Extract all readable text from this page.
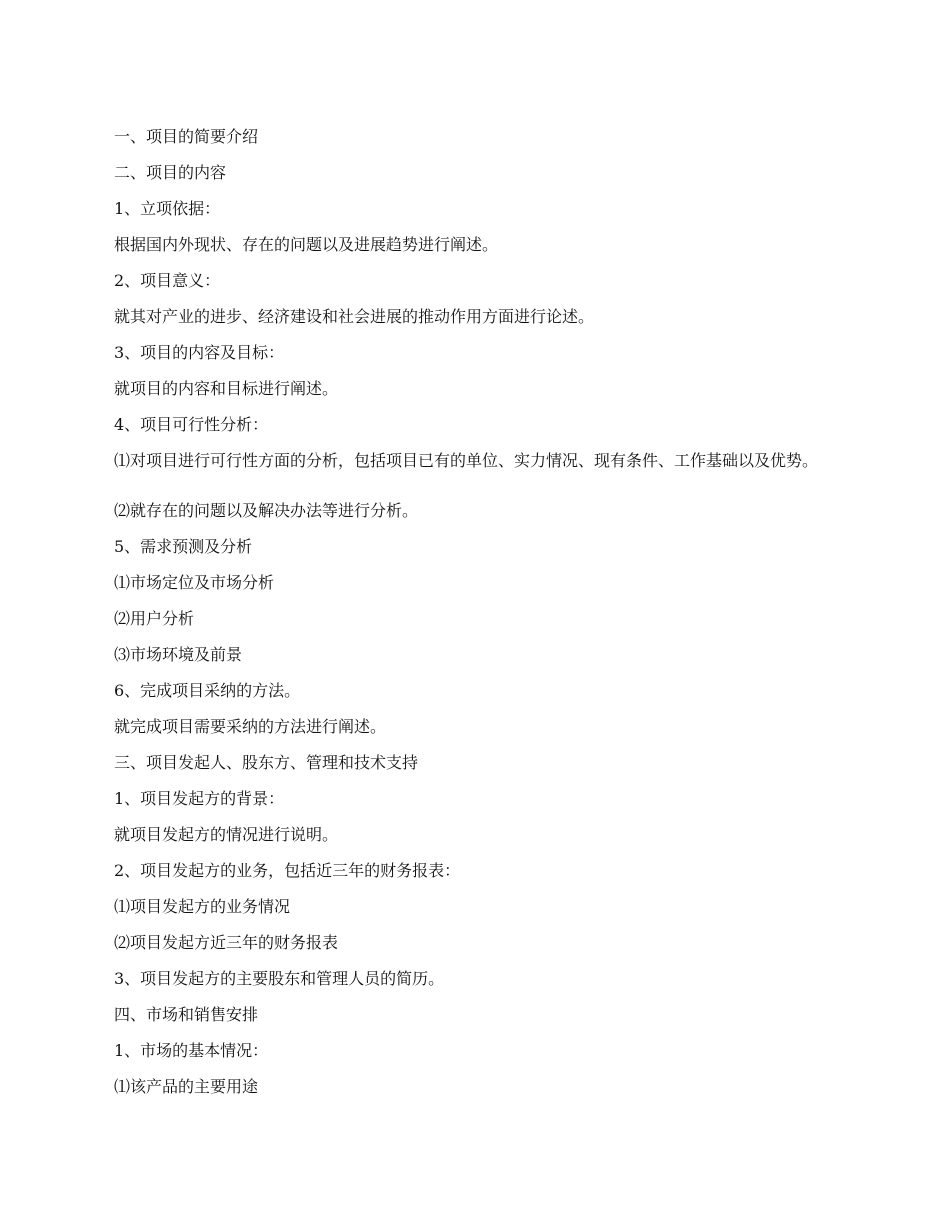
一、项目的简要介绍
二、项目的内容
1、立项依据：
根据国内外现状、存在的问题以及进展趋势进行阐述。
2、项目意义：
就其对产业的进步、经济建设和社会进展的推动作用方面进行论述。
3、项目的内容及目标：
就项目的内容和目标进行阐述。
4、项目可行性分析：
⑴对项目进行可行性方面的分析，包括项目已有的单位、实力情况、现有条件、工作基础以及优势。
⑵就存在的问题以及解决办法等进行分析。
5、需求预测及分析
⑴市场定位及市场分析
⑵用户分析
⑶市场环境及前景
6、完成项目采纳的方法。
就完成项目需要采纳的方法进行阐述。
三、项目发起人、股东方、管理和技术支持
1、项目发起方的背景：
就项目发起方的情况进行说明。
2、项目发起方的业务，包括近三年的财务报表：
⑴项目发起方的业务情况
⑵项目发起方近三年的财务报表
3、项目发起方的主要股东和管理人员的简历。
四、市场和销售安排
1、市场的基本情况：
⑴该产品的主要用途
